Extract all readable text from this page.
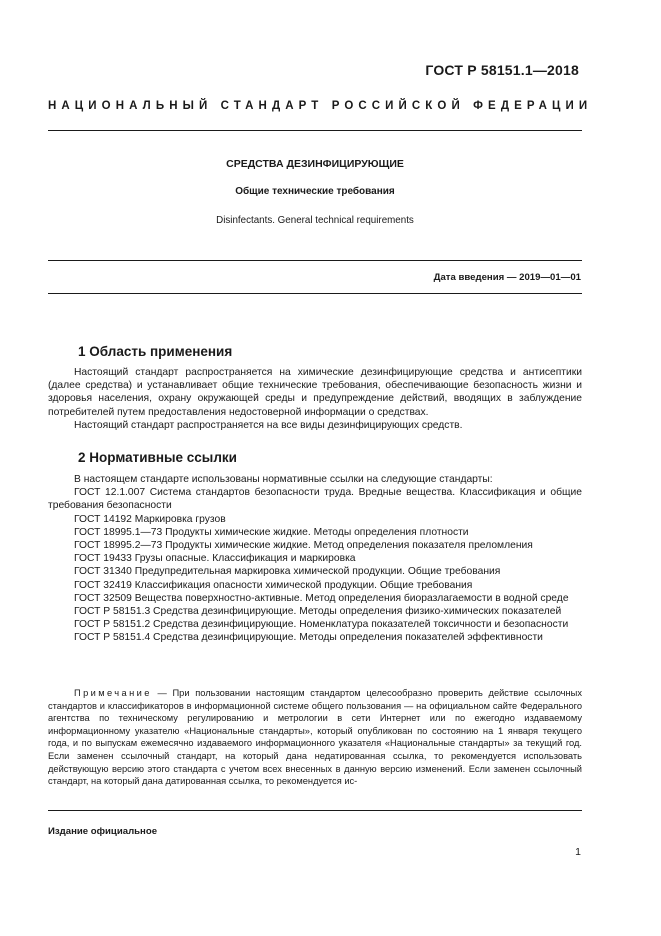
ГОСТ Р 58151.1—2018
НАЦИОНАЛЬНЫЙ СТАНДАРТ РОССИЙСКОЙ ФЕДЕРАЦИИ
СРЕДСТВА ДЕЗИНФИЦИРУЮЩИЕ
Общие технические требования
Disinfectants. General technical requirements
Дата введения — 2019—01—01
1 Область применения

Настоящий стандарт распространяется на химические дезинфицирующие средства и антисептики (далее средства) и устанавливает общие технические требования, обеспечивающие безопасность жизни и здоровья населения, охрану окружающей среды и предупреждение действий, вводящих в заблуждение потребителей путем предоставления недостоверной информации о средствах.

Настоящий стандарт распространяется на все виды дезинфицирующих средств.

2 Нормативные ссылки

В настоящем стандарте использованы нормативные ссылки на следующие стандарты:

ГОСТ 12.1.007 Система стандартов безопасности труда. Вредные вещества. Классификация и общие требования безопасности

ГОСТ 14192 Маркировка грузов

ГОСТ 18995.1—73 Продукты химические жидкие. Методы определения плотности

ГОСТ 18995.2—73 Продукты химические жидкие. Метод определения показателя преломления

ГОСТ 19433 Грузы опасные. Классификация и маркировка

ГОСТ 31340 Предупредительная маркировка химической продукции. Общие требования

ГОСТ 32419 Классификация опасности химической продукции. Общие требования

ГОСТ 32509 Вещества поверхностно-активные. Метод определения биоразлагаемости в водной среде

ГОСТ Р 58151.3 Средства дезинфицирующие. Методы определения физико-химических показателей

ГОСТ Р 58151.2 Средства дезинфицирующие. Номенклатура показателей токсичности и безопасности

ГОСТ Р 58151.4 Средства дезинфицирующие. Методы определения показателей эффективности

Примечание — При пользовании настоящим стандартом целесообразно проверить действие ссылочных стандартов и классификаторов в информационной системе общего пользования — на официальном сайте Федерального агентства по техническому регулированию и метрологии в сети Интернет или по ежегодно издаваемому информационному указателю «Национальные стандарты», который опубликован по состоянию на 1 января текущего года, и по выпускам ежемесячно издаваемого информационного указателя «Национальные стандарты» за текущий год. Если заменен ссылочный стандарт, на который дана недатированная ссылка, то рекомендуется использовать действующую версию этого стандарта с учетом всех внесенных в данную версию изменений. Если заменен ссылочный стандарт, на который дана датированная ссылка, то рекомендуется ис-
Издание официальное
1
